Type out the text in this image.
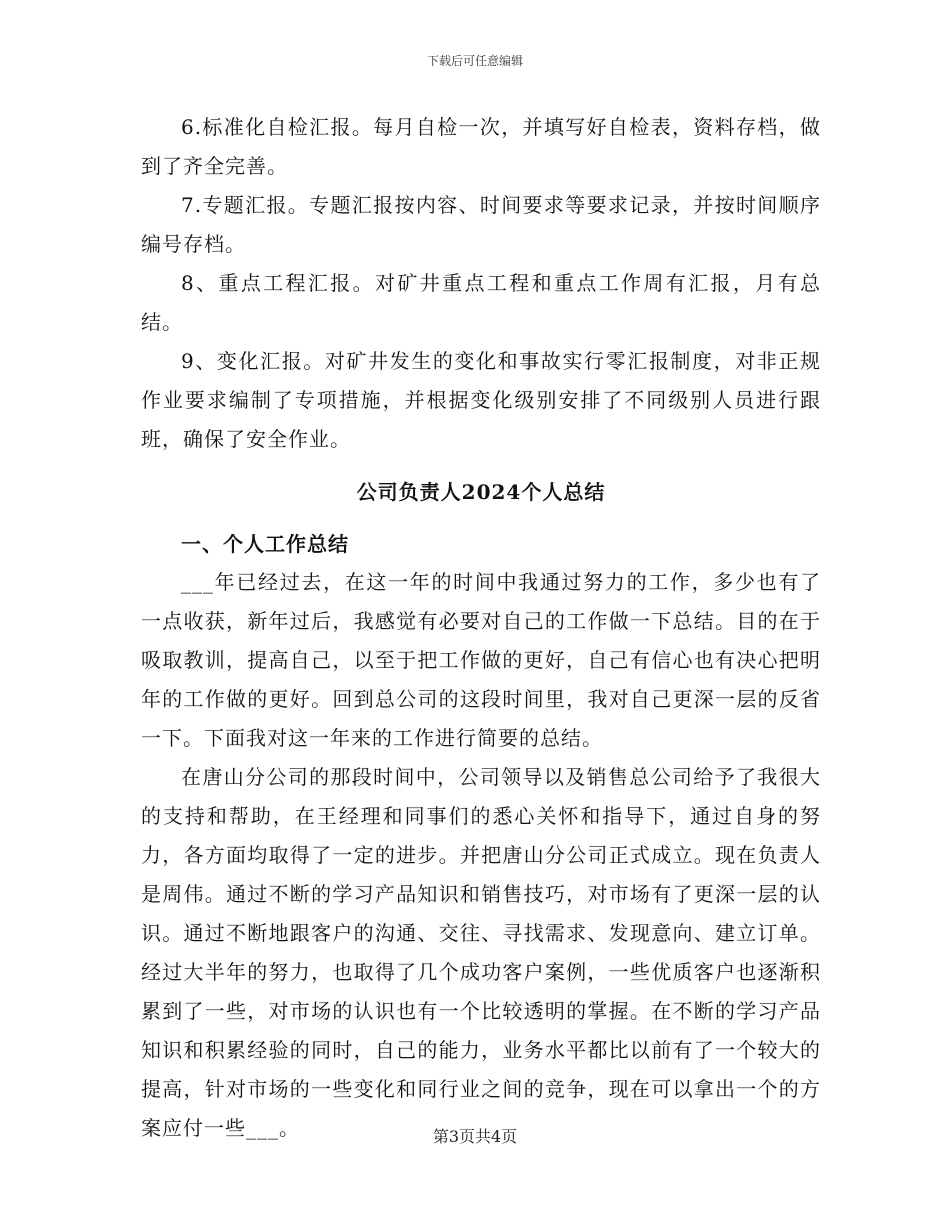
下载后可任意编辑

6.标准化自检汇报。每月自检一次，并填写好自检表，资料存档，做到了齐全完善。

7.专题汇报。专题汇报按内容、时间要求等要求记录，并按时间顺序编号存档。

8、重点工程汇报。对矿井重点工程和重点工作周有汇报，月有总结。

9、变化汇报。对矿井发生的变化和事故实行零汇报制度，对非正规作业要求编制了专项措施，并根据变化级别安排了不同级别人员进行跟班，确保了安全作业。

公司负责人2024个人总结

一、个人工作总结

___年已经过去，在这一年的时间中我通过努力的工作，多少也有了一点收获，新年过后，我感觉有必要对自己的工作做一下总结。目的在于吸取教训，提高自己，以至于把工作做的更好，自己有信心也有决心把明年的工作做的更好。回到总公司的这段时间里，我对自己更深一层的反省一下。下面我对这一年来的工作进行简要的总结。

在唐山分公司的那段时间中，公司领导以及销售总公司给予了我很大的支持和帮助，在王经理和同事们的悉心关怀和指导下，通过自身的努力，各方面均取得了一定的进步。并把唐山分公司正式成立。现在负责人是周伟。通过不断的学习产品知识和销售技巧，对市场有了更深一层的认识。通过不断地跟客户的沟通、交往、寻找需求、发现意向、建立订单。经过大半年的努力，也取得了几个成功客户案例，一些优质客户也逐渐积累到了一些，对市场的认识也有一个比较透明的掌握。在不断的学习产品知识和积累经验的同时，自己的能力，业务水平都比以前有了一个较大的提高，针对市场的一些变化和同行业之间的竞争，现在可以拿出一个的方案应付一些___。	第3页共4页
